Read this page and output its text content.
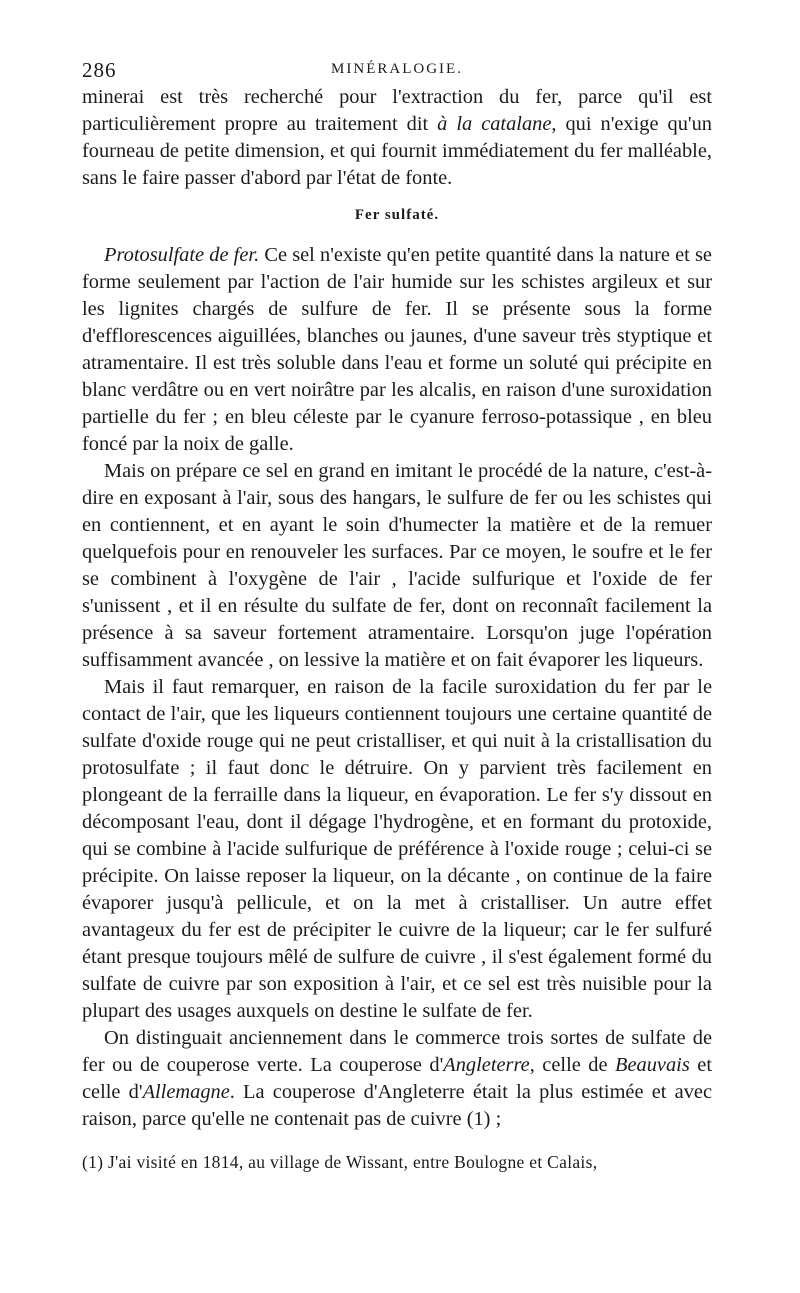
286	MINÉRALOGIE.

minerai est très recherché pour l'extraction du fer, parce qu'il est particulièrement propre au traitement dit à la catalane, qui n'exige qu'un fourneau de petite dimension, et qui fournit immédiatement du fer malléable, sans le faire passer d'abord par l'état de fonte.

Fer sulfaté.

Protosulfate de fer. Ce sel n'existe qu'en petite quantité dans la nature et se forme seulement par l'action de l'air humide sur les schistes argileux et sur les lignites chargés de sulfure de fer. Il se présente sous la forme d'efflorescences aiguillées, blanches ou jaunes, d'une saveur très styptique et atramentaire. Il est très soluble dans l'eau et forme un soluté qui précipite en blanc verdâtre ou en vert noirâtre par les alcalis, en raison d'une suroxidation partielle du fer ; en bleu céleste par le cyanure ferroso-potassique , en bleu foncé par la noix de galle.

Mais on prépare ce sel en grand en imitant le procédé de la nature, c'est-à-dire en exposant à l'air, sous des hangars, le sulfure de fer ou les schistes qui en contiennent, et en ayant le soin d'humecter la matière et de la remuer quelquefois pour en renouveler les surfaces. Par ce moyen, le soufre et le fer se combinent à l'oxygène de l'air , l'acide sulfurique et l'oxide de fer s'unissent , et il en résulte du sulfate de fer, dont on reconnaît facilement la présence à sa saveur fortement atramentaire. Lorsqu'on juge l'opération suffisamment avancée , on lessive la matière et on fait évaporer les liqueurs.

Mais il faut remarquer, en raison de la facile suroxidation du fer par le contact de l'air, que les liqueurs contiennent toujours une certaine quantité de sulfate d'oxide rouge qui ne peut cristalliser, et qui nuit à la cristallisation du protosulfate ; il faut donc le détruire. On y parvient très facilement en plongeant de la ferraille dans la liqueur, en évaporation. Le fer s'y dissout en décomposant l'eau, dont il dégage l'hydrogène, et en formant du protoxide, qui se combine à l'acide sulfurique de préférence à l'oxide rouge ; celui-ci se précipite. On laisse reposer la liqueur, on la décante , on continue de la faire évaporer jusqu'à pellicule, et on la met à cristalliser. Un autre effet avantageux du fer est de précipiter le cuivre de la liqueur; car le fer sulfuré étant presque toujours mêlé de sulfure de cuivre , il s'est également formé du sulfate de cuivre par son exposition à l'air, et ce sel est très nuisible pour la plupart des usages auxquels on destine le sulfate de fer.

On distinguait anciennement dans le commerce trois sortes de sulfate de fer ou de couperose verte. La couperose d'Angleterre, celle de Beauvais et celle d'Allemagne. La couperose d'Angleterre était la plus estimée et avec raison, parce qu'elle ne contenait pas de cuivre (1) ;

(1) J'ai visité en 1814, au village de Wissant, entre Boulogne et Calais,
